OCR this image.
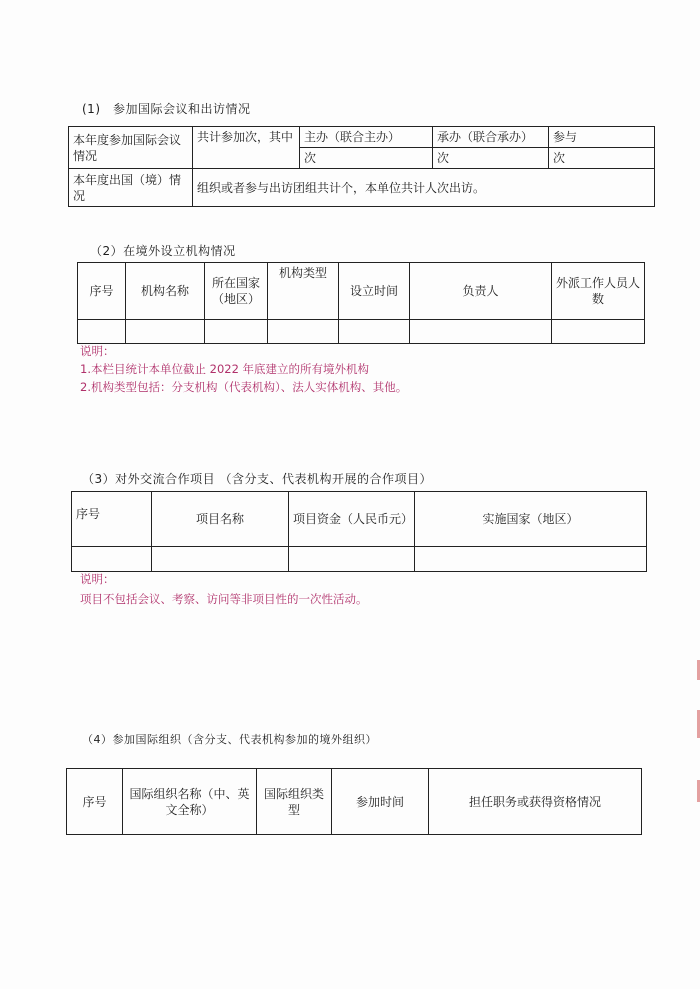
(1)　参加国际会议和出访情况
本年度参加国际会议情况	共计参加次，其中	主办（联合主办）	承办（联合承办）	参与
		次	次	次
本年度出国（境）情况	组织或者参与出访团组共计个，本单位共计人次出访。			
（2）在境外设立机构情况
序号	机构名称	所在国家（地区）	机构类型	设立时间	负责人	外派工作人员人数

说明：
1.本栏目统计本单位截止 2022 年底建立的所有境外机构
2.机构类型包括：分支机构（代表机构）、法人实体机构、其他。
（3）对外交流合作项目 （含分支、代表机构开展的合作项目）
序号	项目名称	项目资金（人民币元）	实施国家（地区）

说明：
项目不包括会议、考察、访问等非项目性的一次性活动。
（4）参加国际组织（含分支、代表机构参加的境外组织）
序号	国际组织名称（中、英文全称）	国际组织类型	参加时间	担任职务或获得资格情况
